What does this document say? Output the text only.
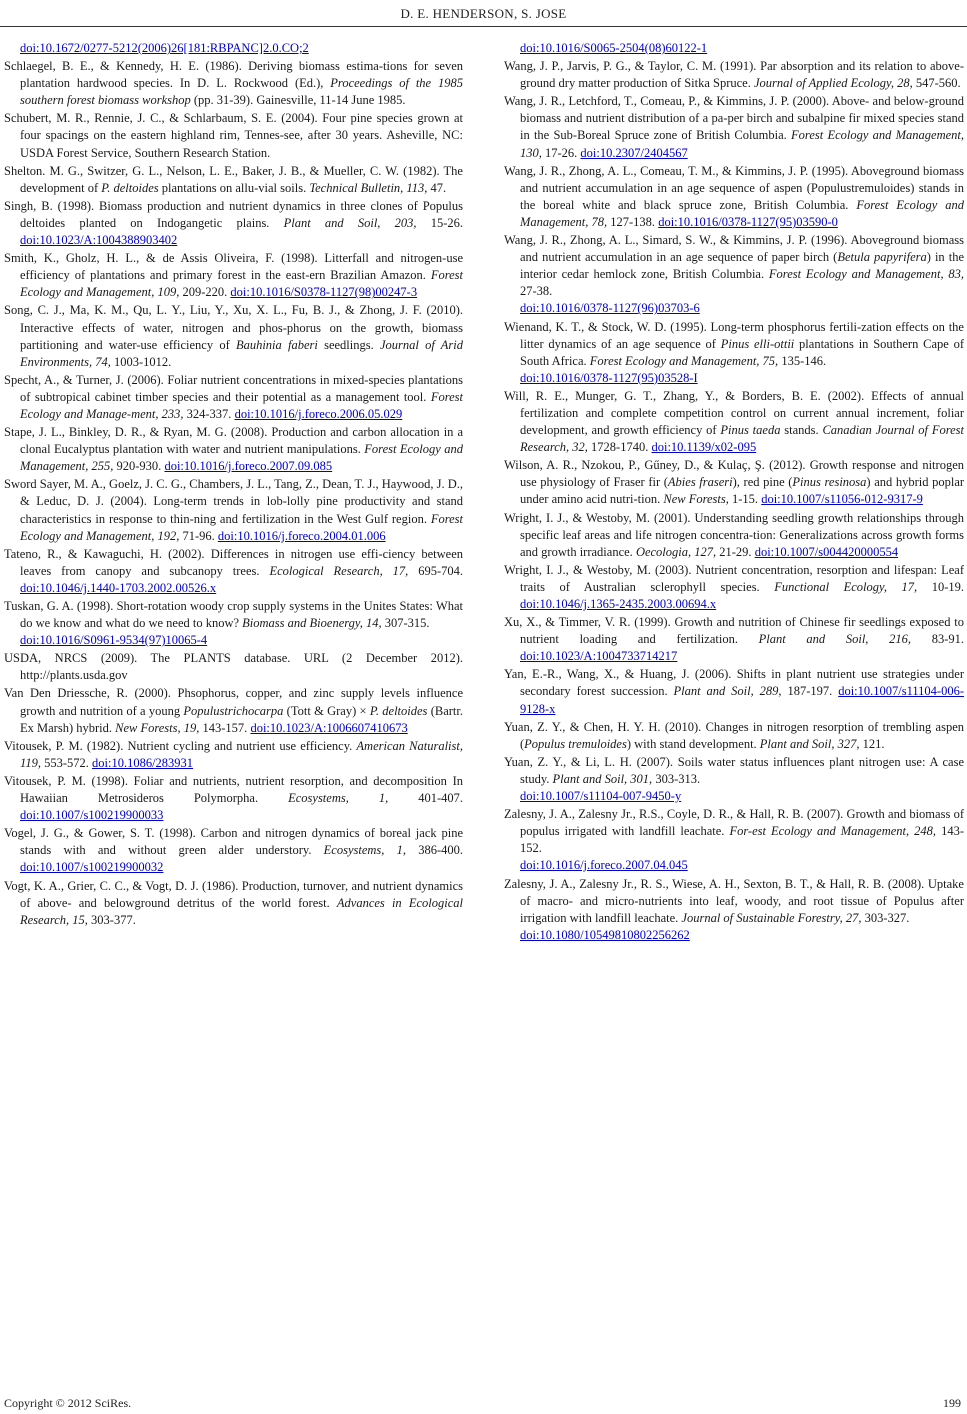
D. E. HENDERSON, S. JOSE

doi:10.1672/0277-5212(2006)26[181:RBPANC]2.0.CO;2

Schlaegel, B. E., & Kennedy, H. E. (1986). Deriving biomass estima-tions for seven plantation hardwood species. In D. L. Rockwood (Ed.), Proceedings of the 1985 southern forest biomass workshop (pp. 31-39). Gainesville, 11-14 June 1985.

Schubert, M. R., Rennie, J. C., & Schlarbaum, S. E. (2004). Four pine species grown at four spacings on the eastern highland rim, Tennes-see, after 30 years. Asheville, NC: USDA Forest Service, Southern Research Station.

Shelton. M. G., Switzer, G. L., Nelson, L. E., Baker, J. B., & Mueller, C. W. (1982). The development of P. deltoides plantations on allu-vial soils. Technical Bulletin, 113, 47.

Singh, B. (1998). Biomass production and nutrient dynamics in three clones of Populus deltoides planted on Indogangetic plains. Plant and Soil, 203, 15-26. doi:10.1023/A:1004388903402

Smith, K., Gholz, H. L., & de Assis Oliveira, F. (1998). Litterfall and nitrogen-use efficiency of plantations and primary forest in the east-ern Brazilian Amazon. Forest Ecology and Management, 109, 209-220. doi:10.1016/S0378-1127(98)00247-3

Song, C. J., Ma, K. M., Qu, L. Y., Liu, Y., Xu, X. L., Fu, B. J., & Zhong, J. F. (2010). Interactive effects of water, nitrogen and phos-phorus on the growth, biomass partitioning and water-use efficiency of Bauhinia faberi seedlings. Journal of Arid Environments, 74, 1003-1012.

Specht, A., & Turner, J. (2006). Foliar nutrient concentrations in mixed-species plantations of subtropical cabinet timber species and their potential as a management tool. Forest Ecology and Manage-ment, 233, 324-337. doi:10.1016/j.foreco.2006.05.029

Stape, J. L., Binkley, D. R., & Ryan, M. G. (2008). Production and carbon allocation in a clonal Eucalyptus plantation with water and nutrient manipulations. Forest Ecology and Management, 255, 920-930. doi:10.1016/j.foreco.2007.09.085

Sword Sayer, M. A., Goelz, J. C. G., Chambers, J. L., Tang, Z., Dean, T. J., Haywood, J. D., & Leduc, D. J. (2004). Long-term trends in lob-lolly pine productivity and stand characteristics in response to thin-ning and fertilization in the West Gulf region. Forest Ecology and Management, 192, 71-96. doi:10.1016/j.foreco.2004.01.006

Tateno, R., & Kawaguchi, H. (2002). Differences in nitrogen use effi-ciency between leaves from canopy and subcanopy trees. Ecological Research, 17, 695-704. doi:10.1046/j.1440-1703.2002.00526.x

Tuskan, G. A. (1998). Short-rotation woody crop supply systems in the Unites States: What do we know and what do we need to know? Biomass and Bioenergy, 14, 307-315.
doi:10.1016/S0961-9534(97)10065-4

USDA, NRCS (2009). The PLANTS database. URL (2 December 2012). http://plants.usda.gov

Van Den Driessche, R. (2000). Phsophorus, copper, and zinc supply levels influence growth and nutrition of a young Populustrichocarpa (Tott & Gray) × P. deltoides (Bartr. Ex Marsh) hybrid. New Forests, 19, 143-157. doi:10.1023/A:1006607410673

Vitousek, P. M. (1982). Nutrient cycling and nutrient use efficiency. American Naturalist, 119, 553-572. doi:10.1086/283931

Vitousek, P. M. (1998). Foliar and nutrients, nutrient resorption, and decomposition In Hawaiian Metrosideros Polymorpha. Ecosystems, 1, 401-407. doi:10.1007/s100219900033

Vogel, J. G., & Gower, S. T. (1998). Carbon and nitrogen dynamics of boreal jack pine stands with and without green alder understory. Ecosystems, 1, 386-400. doi:10.1007/s100219900032

Vogt, K. A., Grier, C. C., & Vogt, D. J. (1986). Production, turnover, and nutrient dynamics of above- and belowground detritus of the world forest. Advances in Ecological Research, 15, 303-377.

doi:10.1016/S0065-2504(08)60122-1

Wang, J. P., Jarvis, P. G., & Taylor, C. M. (1991). Par absorption and its relation to above-ground dry matter production of Sitka Spruce. Journal of Applied Ecology, 28, 547-560.

Wang, J. R., Letchford, T., Comeau, P., & Kimmins, J. P. (2000). Above- and below-ground biomass and nutrient distribution of a pa-per birch and subalpine fir mixed species stand in the Sub-Boreal Spruce zone of British Columbia. Forest Ecology and Management, 130, 17-26. doi:10.2307/2404567

Wang, J. R., Zhong, A. L., Comeau, T. M., & Kimmins, J. P. (1995). Aboveground biomass and nutrient accumulation in an age sequence of aspen (Populustremuloides) stands in the boreal white and black spruce zone, British Columbia. Forest Ecology and Management, 78, 127-138. doi:10.1016/0378-1127(95)03590-0

Wang, J. R., Zhong, A. L., Simard, S. W., & Kimmins, J. P. (1996). Aboveground biomass and nutrient accumulation in an age sequence of paper birch (Betula papyrifera) in the interior cedar hemlock zone, British Columbia. Forest Ecology and Management, 83, 27-38.
doi:10.1016/0378-1127(96)03703-6

Wienand, K. T., & Stock, W. D. (1995). Long-term phosphorus fertili-zation effects on the litter dynamics of an age sequence of Pinus elli-ottii plantations in Southern Cape of South Africa. Forest Ecology and Management, 75, 135-146.
doi:10.1016/0378-1127(95)03528-I

Will, R. E., Munger, G. T., Zhang, Y., & Borders, B. E. (2002). Effects of annual fertilization and complete competition control on current annual increment, foliar development, and growth efficiency of Pinus taeda stands. Canadian Journal of Forest Research, 32, 1728-1740. doi:10.1139/x02-095

Wilson, A. R., Nzokou, P., Gűney, D., & Kulaç, Ş. (2012). Growth response and nitrogen use physiology of Fraser fir (Abies fraseri), red pine (Pinus resinosa) and hybrid poplar under amino acid nutri-tion. New Forests, 1-15. doi:10.1007/s11056-012-9317-9

Wright, I. J., & Westoby, M. (2001). Understanding seedling growth relationships through specific leaf areas and life nitrogen concentra-tion: Generalizations across growth forms and growth irradiance. Oecologia, 127, 21-29. doi:10.1007/s004420000554

Wright, I. J., & Westoby, M. (2003). Nutrient concentration, resorption and lifespan: Leaf traits of Australian sclerophyll species. Functional Ecology, 17, 10-19. doi:10.1046/j.1365-2435.2003.00694.x

Xu, X., & Timmer, V. R. (1999). Growth and nutrition of Chinese fir seedlings exposed to nutrient loading and fertilization. Plant and Soil, 216, 83-91. doi:10.1023/A:1004733714217

Yan, E.-R., Wang, X., & Huang, J. (2006). Shifts in plant nutrient use strategies under secondary forest succession. Plant and Soil, 289, 187-197. doi:10.1007/s11104-006-9128-x

Yuan, Z. Y., & Chen, H. Y. H. (2010). Changes in nitrogen resorption of trembling aspen (Populus tremuloides) with stand development. Plant and Soil, 327, 121.

Yuan, Z. Y., & Li, L. H. (2007). Soils water status influences plant nitrogen use: A case study. Plant and Soil, 301, 303-313.
doi:10.1007/s11104-007-9450-y

Zalesny, J. A., Zalesny Jr., R.S., Coyle, D. R., & Hall, R. B. (2007). Growth and biomass of populus irrigated with landfill leachate. For-est Ecology and Management, 248, 143-152.
doi:10.1016/j.foreco.2007.04.045

Zalesny, J. A., Zalesny Jr., R. S., Wiese, A. H., Sexton, B. T., & Hall, R. B. (2008). Uptake of macro- and micro-nutrients into leaf, woody, and root tissue of Populus after irrigation with landfill leachate. Journal of Sustainable Forestry, 27, 303-327.
doi:10.1080/10549810802256262

Copyright © 2012 SciRes.	199
